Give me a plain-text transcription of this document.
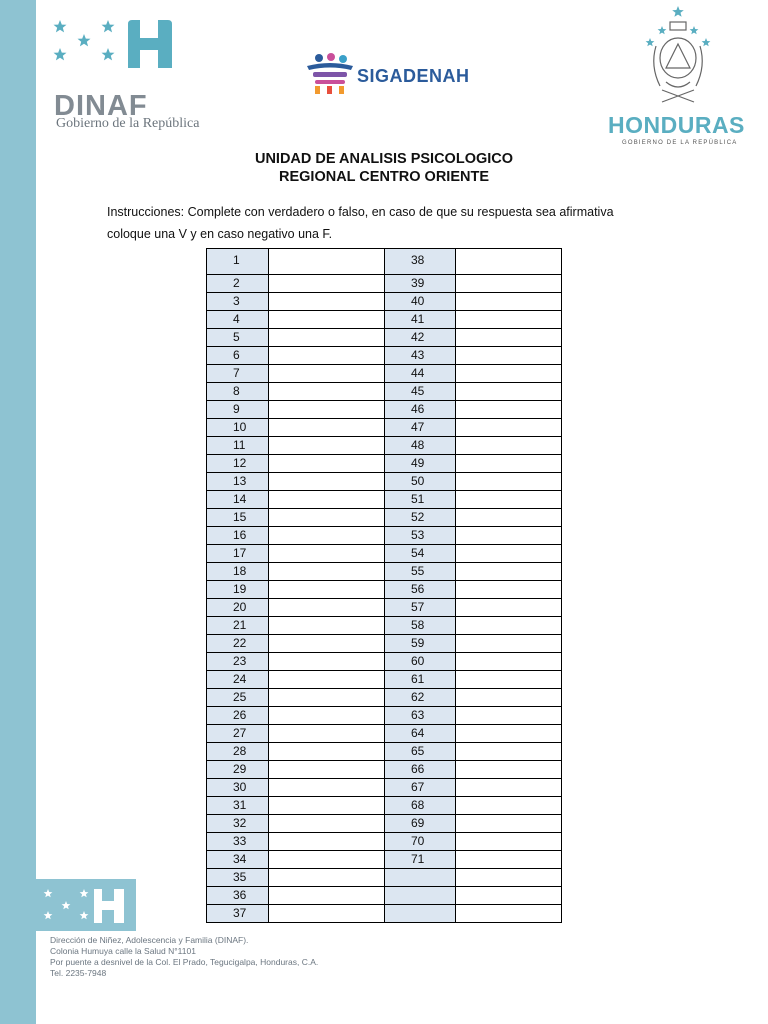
DINAF
Gobierno de la República
SIGADENAH
HONDURAS
GOBIERNO DE LA REPÚBLICA
UNIDAD DE ANALISIS PSICOLOGICO
REGIONAL CENTRO ORIENTE
Instrucciones: Complete con verdadero o falso, en caso de que su respuesta sea afirmativa
coloque una V y en caso negativo una F.
1		38	
2		39	
3		40	
4		41	
5		42	
6		43	
7		44	
8		45	
9		46	
10		47	
11		48	
12		49	
13		50	
14		51	
15		52	
16		53	
17		54	
18		55	
19		56	
20		57	
21		58	
22		59	
23		60	
24		61	
25		62	
26		63	
27		64	
28		65	
29		66	
30		67	
31		68	
32		69	
33		70	
34		71	
35			
36			
37			
Dirección de Niñez, Adolescencia y Familia (DINAF).
Colonia Humuya calle la Salud N°1101
Por puente a desnivel de la Col. El Prado, Tegucigalpa, Honduras, C.A.
Tel. 2235-7948
